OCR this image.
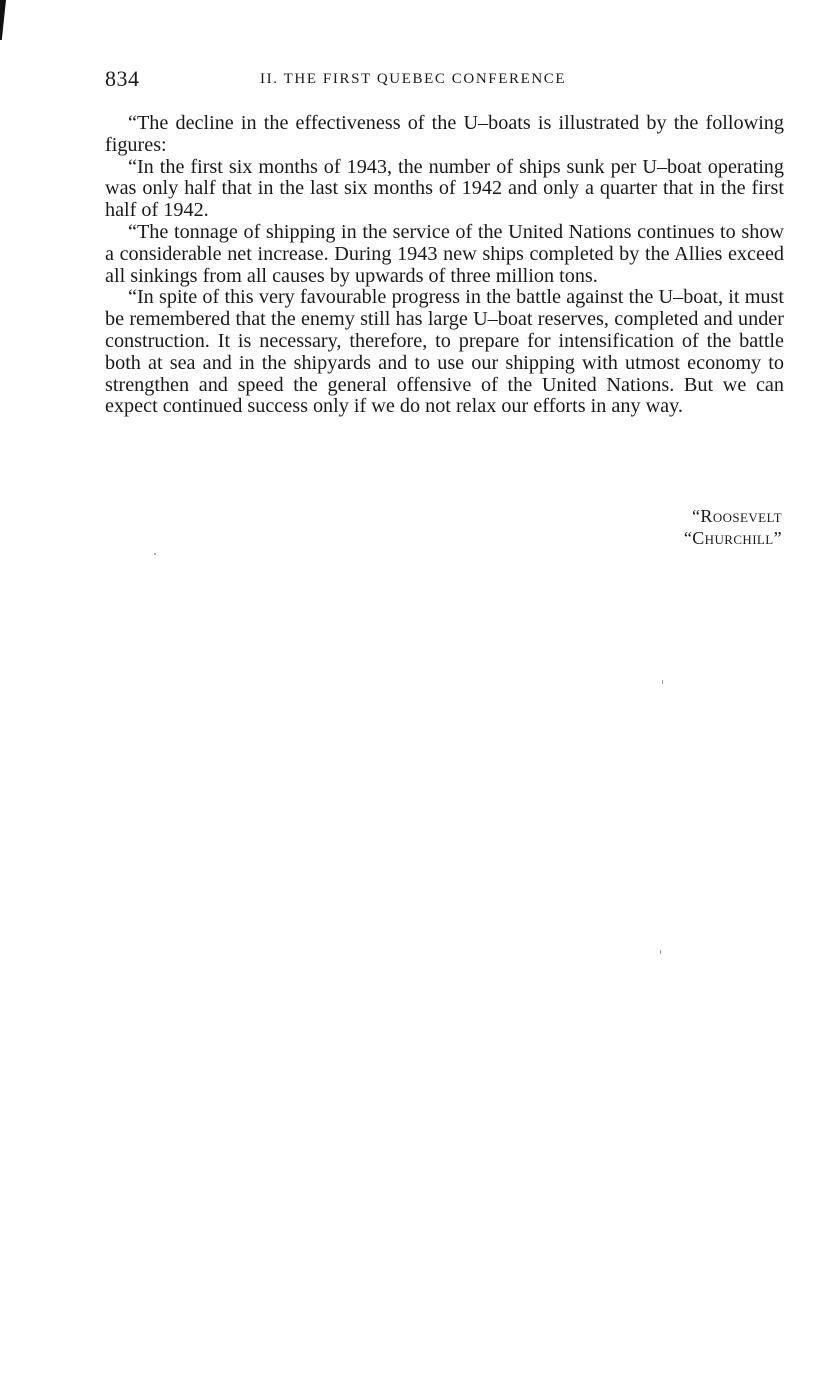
834	II. THE FIRST QUEBEC CONFERENCE

“The decline in the effectiveness of the U–boats is illustrated by the following figures:

“In the first six months of 1943, the number of ships sunk per U–boat operating was only half that in the last six months of 1942 and only a quarter that in the first half of 1942.

“The tonnage of shipping in the service of the United Nations continues to show a considerable net increase. During 1943 new ships completed by the Allies exceed all sinkings from all causes by upwards of three million tons.

“In spite of this very favourable progress in the battle against the U–boat, it must be remembered that the enemy still has large U–boat reserves, completed and under construction. It is necessary, therefore, to prepare for intensification of the battle both at sea and in the shipyards and to use our shipping with utmost economy to strengthen and speed the general offensive of the United Nations. But we can expect continued success only if we do not relax our efforts in any way.

“Roosevelt
“Churchill”
